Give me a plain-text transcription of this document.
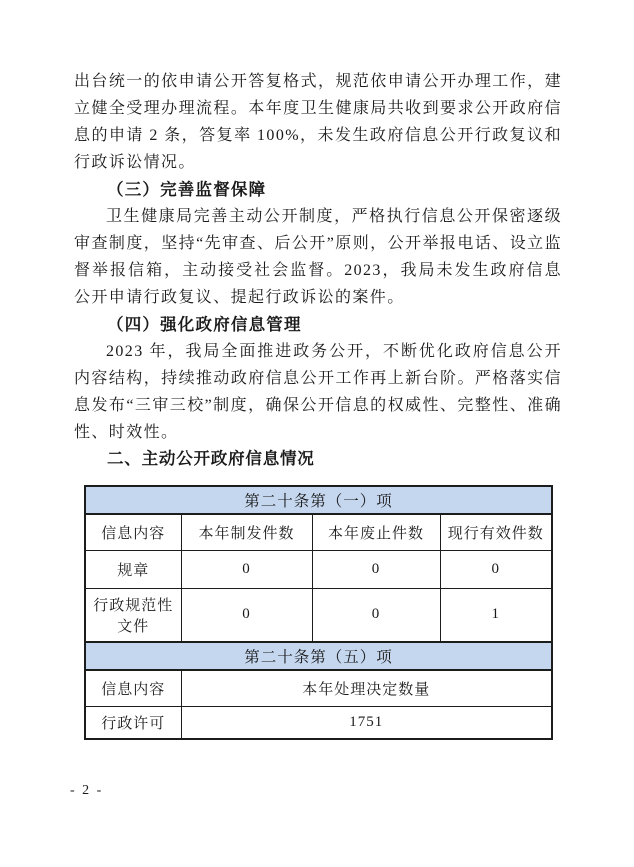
出台统一的依申请公开答复格式，规范依申请公开办理工作，建立健全受理办理流程。本年度卫生健康局共收到要求公开政府信息的申请 2 条，答复率 100%，未发生政府信息公开行政复议和行政诉讼情况。

（三）完善监督保障

卫生健康局完善主动公开制度，严格执行信息公开保密逐级审查制度，坚持“先审查、后公开”原则，公开举报电话、设立监督举报信箱，主动接受社会监督。2023，我局未发生政府信息公开申请行政复议、提起行政诉讼的案件。

（四）强化政府信息管理

2023 年，我局全面推进政务公开，不断优化政府信息公开内容结构，持续推动政府信息公开工作再上新台阶。严格落实信息发布“三审三校”制度，确保公开信息的权威性、完整性、准确性、时效性。

二、主动公开政府信息情况

第二十条第（一）项			
信息内容	本年制发件数	本年废止件数	现行有效件数
规章	0	0	0
行政规范性文件	0	0	1
第二十条第（五）项			
信息内容	本年处理决定数量		
行政许可	1751		
- 2 -
